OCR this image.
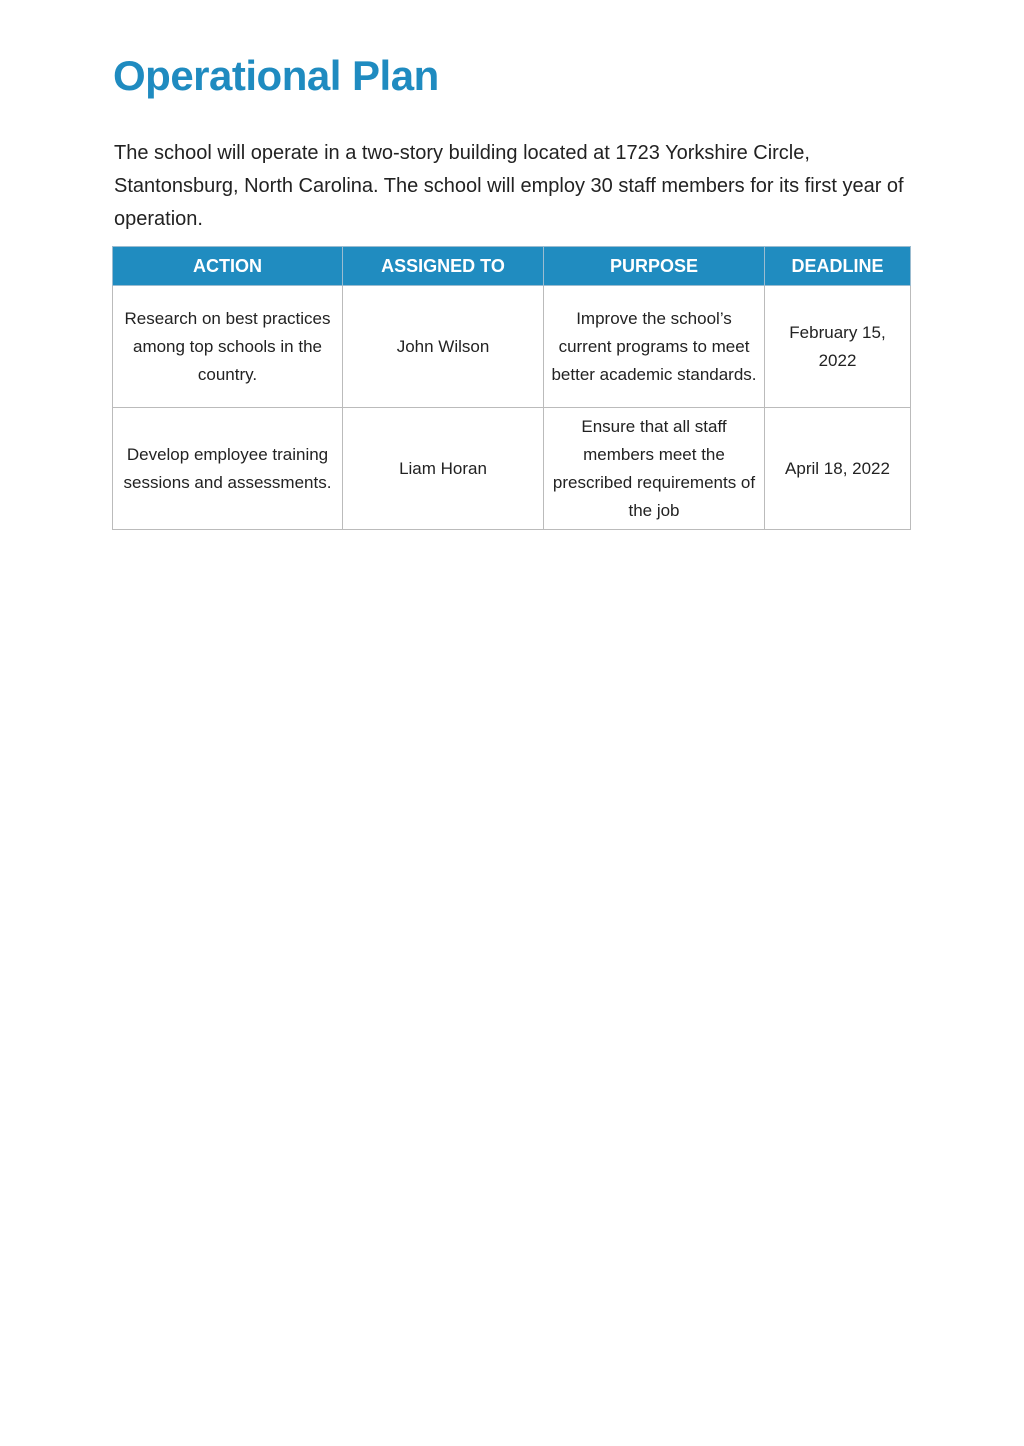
Operational Plan

The school will operate in a two-story building located at 1723 Yorkshire Circle, Stantonsburg, North Carolina. The school will employ 30 staff members for its first year of operation.

ACTION	ASSIGNED TO	PURPOSE	DEADLINE
Research on best practices among top schools in the country.	John Wilson	Improve the school’s current programs to meet better academic standards.	February 15, 2022
Develop employee training sessions and assessments.	Liam Horan	Ensure that all staff members meet the prescribed requirements of the job	April 18, 2022
